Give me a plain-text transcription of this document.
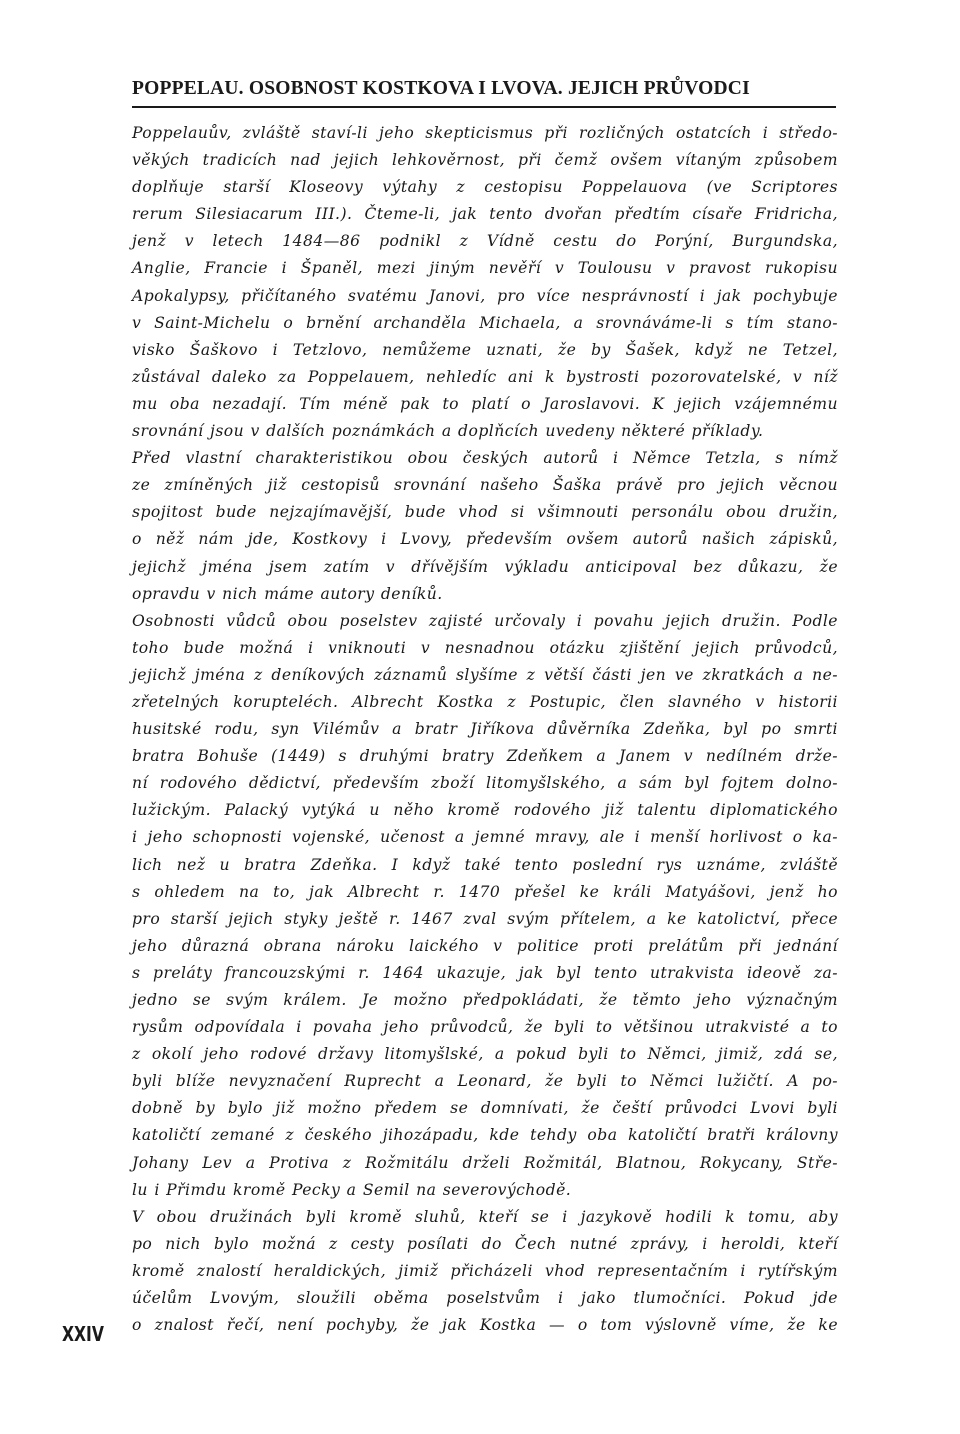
POPPELAU. OSOBNOST KOSTKOVA I LVOVA. JEJICH PRŮVODCI
Poppelauův, zvláště staví-li jeho skepticismus při rozličných ostatcích i středo-
věkých tradicích nad jejich lehkověrnost, při čemž ovšem vítaným způsobem
doplňuje starší Kloseovy výtahy z cestopisu Poppelauova (ve Scriptores
rerum Silesiacarum III.). Čteme-li, jak tento dvořan předtím císaře Fridricha,
jenž v letech 1484—86 podnikl z Vídně cestu do Porýní, Burgundska,
Anglie, Francie i Španěl, mezi jiným nevěří v Toulousu v pravost rukopisu
Apokalypsy, přičítaného svatému Janovi, pro více nesprávností i jak pochybuje
v Saint-Michelu o brnění archanděla Michaela, a srovnáváme-li s tím stano-
visko Šaškovo i Tetzlovo, nemůžeme uznati, že by Šašek, když ne Tetzel,
zůstával daleko za Poppelauem, nehledíc ani k bystrosti pozorovatelské, v níž
mu oba nezadají. Tím méně pak to platí o Jaroslavovi. K jejich vzájemnému
srovnání jsou v dalších poznámkách a doplňcích uvedeny některé příklady.
Před vlastní charakteristikou obou českých autorů i Němce Tetzla, s nímž
ze zmíněných již cestopisů srovnání našeho Šaška právě pro jejich věcnou
spojitost bude nejzajímavější, bude vhod si všimnouti personálu obou družin,
o něž nám jde, Kostkovy i Lvovy, především ovšem autorů našich zápisků,
jejichž jména jsem zatím v dřívějším výkladu anticipoval bez důkazu, že
opravdu v nich máme autory deníků.
Osobnosti vůdců obou poselstev zajisté určovaly i povahu jejich družin. Podle
toho bude možná i vniknouti v nesnadnou otázku zjištění jejich průvodců,
jejichž jména z deníkových záznamů slyšíme z větší části jen ve zkratkách a ne-
zřetelných korupteléch. Albrecht Kostka z Postupic, člen slavného v historii
husitské rodu, syn Vilémův a bratr Jiříkova důvěrníka Zdeňka, byl po smrti
bratra Bohuše (1449) s druhými bratry Zdeňkem a Janem v nedílném drže-
ní rodového dědictví, především zboží litomyšlského, a sám byl fojtem dolno-
lužickým. Palacký vytýká u něho kromě rodového již talentu diplomatického
i jeho schopnosti vojenské, učenost a jemné mravy, ale i menší horlivost o ka-
lich než u bratra Zdeňka. I když také tento poslední rys uznáme, zvláště
s ohledem na to, jak Albrecht r. 1470 přešel ke králi Matyášovi, jenž ho
pro starší jejich styky ještě r. 1467 zval svým přítelem, a ke katolictví, přece
jeho důrazná obrana nároku laického v politice proti prelátům při jednání
s preláty francouzskými r. 1464 ukazuje, jak byl tento utrakvista ideově za-
jedno se svým králem. Je možno předpokládati, že těmto jeho význačným
rysům odpovídala i povaha jeho průvodců, že byli to většinou utrakvisté a to
z okolí jeho rodové državy litomyšlské, a pokud byli to Němci, jimiž, zdá se,
byli blíže nevyznačení Ruprecht a Leonard, že byli to Němci lužičtí. A po-
dobně by bylo již možno předem se domnívati, že čeští průvodci Lvovi byli
katoličtí zemané z českého jihozápadu, kde tehdy oba katoličtí bratři královny
Johany Lev a Protiva z Rožmitálu drželi Rožmitál, Blatnou, Rokycany, Stře-
lu i Přimdu kromě Pecky a Semil na severovýchodě.
V obou družinách byli kromě sluhů, kteří se i jazykově hodili k tomu, aby
po nich bylo možná z cesty posílati do Čech nutné zprávy, i heroldi, kteří
kromě znalostí heraldických, jimiž přicházeli vhod representačním i rytířským
účelům Lvovým, sloužili oběma poselstvům i jako tlumočníci. Pokud jde
o znalost řečí, není pochyby, že jak Kostka — o tom výslovně víme, že ke
XXIV
